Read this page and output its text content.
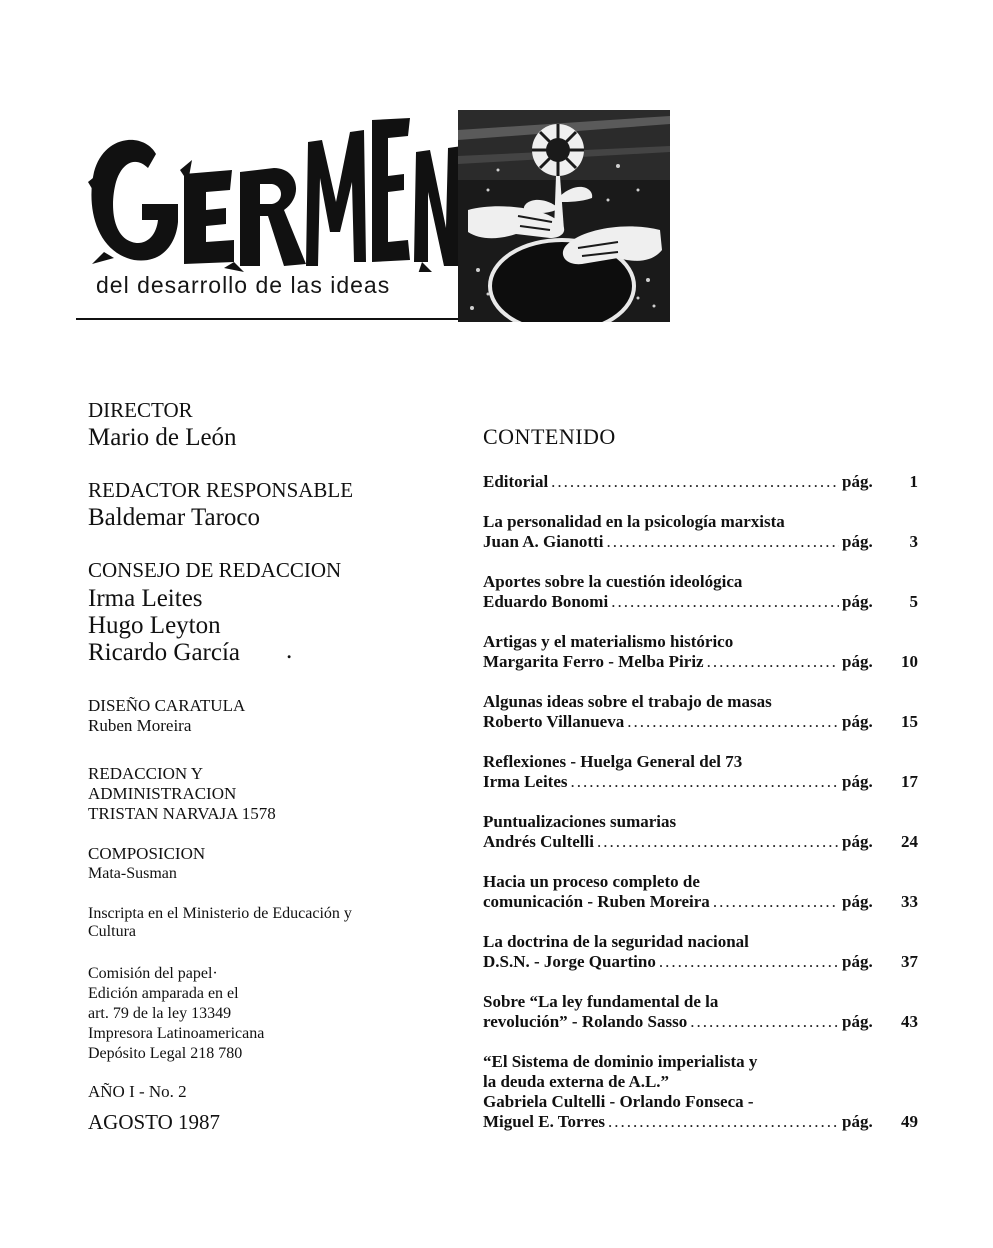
del desarrollo de las ideas
DIRECTOR
Mario de León
REDACTOR RESPONSABLE
Baldemar Taroco
CONSEJO DE REDACCION
Irma Leites
Hugo Leyton
Ricardo García .
DISEÑO CARATULA
Ruben Moreira
REDACCION Y
ADMINISTRACION
TRISTAN NARVAJA 1578
COMPOSICION
Mata-Susman
Inscripta en el Ministerio de Educación y
Cultura
Comisión del papel·
Edición amparada en el
art. 79 de la ley 13349
Impresora Latinoamericana
Depósito Legal 218 780
AÑO I - No. 2
AGOSTO 1987
CONTENIDO
Editorial .....	pág.	1
La personalidad en la psicología marxista
Juan A. Gianotti .....	pág.	3
Aportes sobre la cuestión ideológica
Eduardo Bonomi .....	pág.	5
Artigas y el materialismo histórico
Margarita Ferro - Melba Piriz .....	pág.	10
Algunas ideas sobre el trabajo de masas
Roberto Villanueva .....	pág.	15
Reflexiones - Huelga General del 73
Irma Leites .....	pág.	17
Puntualizaciones sumarias
Andrés Cultelli .....	pág.	24
Hacia un proceso completo de
comunicación - Ruben Moreira .....	pág.	33
La doctrina de la seguridad nacional
D.S.N. - Jorge Quartino .....	pág.	37
Sobre “La ley fundamental de la
revolución” - Rolando Sasso .....	pág.	43
“El Sistema de dominio imperialista y
la deuda externa de A.L.”
Gabriela Cultelli - Orlando Fonseca -
Miguel E. Torres .....	pág.	49
